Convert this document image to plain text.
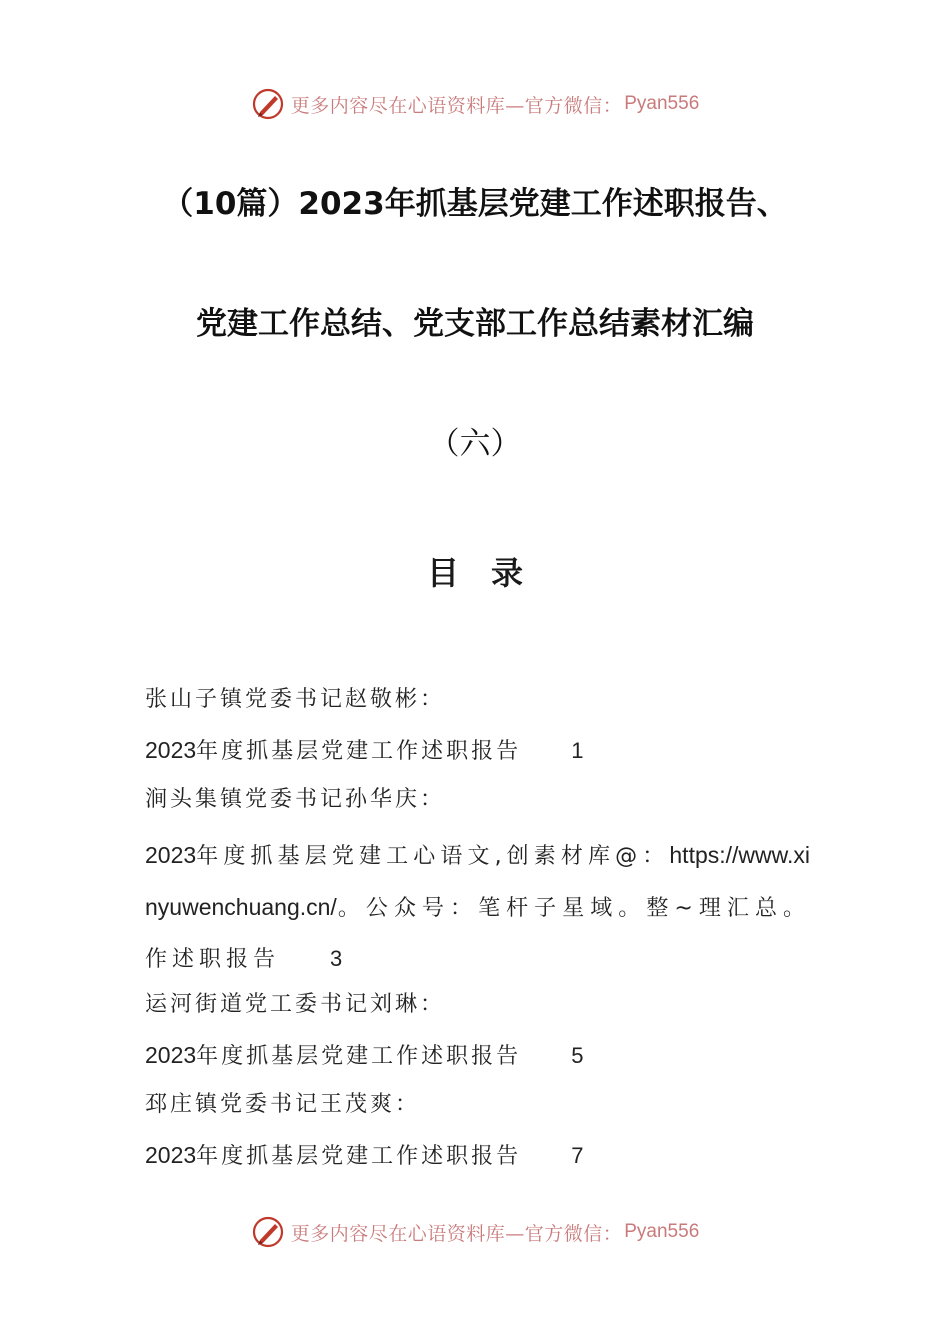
更多内容尽在心语资料库—官方微信： Pyan556
（10篇）2023年抓基层党建工作述职报告、
党建工作总结、党支部工作总结素材汇编
（六）
目录
张山子镇党委书记赵敬彬：
2023年度抓基层党建工作述职报告 1
涧头集镇党委书记孙华庆：
2023年度抓基层党建工心语文,创素材库@：https://www.xinyuwenchuang.cn/。公众号：笔杆子星域。整~理汇总。作述职报告 3
运河街道党工委书记刘琳：
2023年度抓基层党建工作述职报告 5
邳庄镇党委书记王茂爽：
2023年度抓基层党建工作述职报告 7
更多内容尽在心语资料库—官方微信： Pyan556
